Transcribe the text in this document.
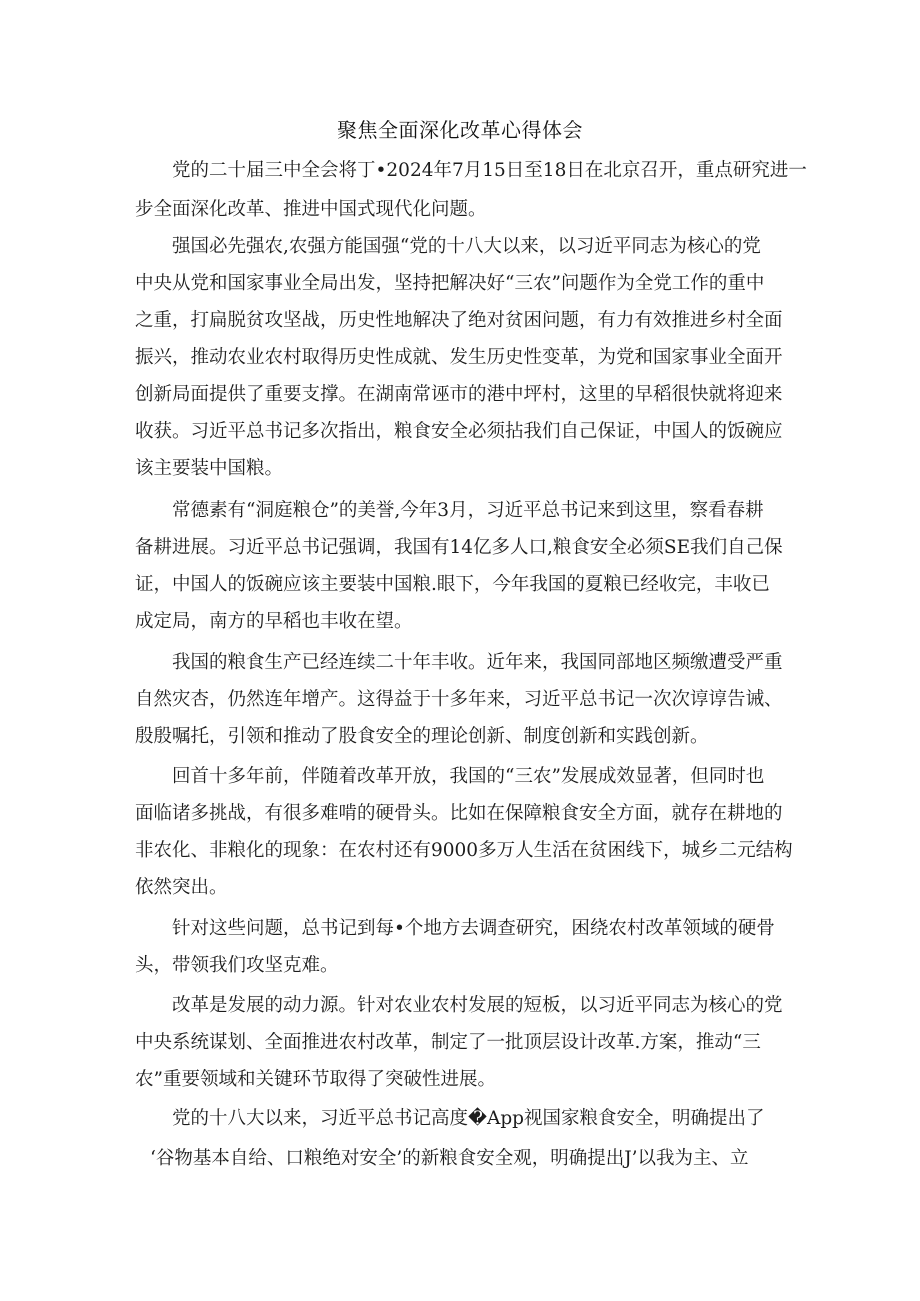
聚焦全面深化改革心得体会
党的二十届三中全会将丁•2024年7月15日至18日在北京召开，重点研究进一
步全面深化改革、推进中国式现代化问题。
强国必先强农,农强方能国强“党的十八大以来，以习近平同志为核心的党
中央从党和国家事业全局出发，坚持把解决好“三农”问题作为全党工作的重中
之重，打扁脱贫攻坚战，历史性地解决了绝对贫困问题，有力有效推进乡村全面
振兴，推动农业农村取得历史性成就、发生历史性变革，为党和国家事业全面开
创新局面提供了重要支撑。在湖南常诬市的港中坪村，这里的早稻很快就将迎来
收获。习近平总书记多次指出，粮食安全必须拈我们自己保证，中国人的饭碗应
该主要装中国粮。
常德素有“洞庭粮仓”的美誉,今年3月，习近平总书记来到这里，察看春耕
备耕进展。习近平总书记强调，我国有14亿多人口,粮食安全必须SE我们自己保
证，中国人的饭碗应该主要装中国粮.眼下，今年我国的夏粮已经收完，丰收已
成定局，南方的早稻也丰收在望。
我国的粮食生产已经连续二十年丰收。近年来，我国同部地区频缴遭受严重
自然灾杏，仍然连年增产。这得益于十多年来，习近平总书记一次次谆谆告诫、
殷殷嘱托，引领和推动了股食安全的理论创新、制度创新和实践创新。
回首十多年前，伴随着改革开放，我国的“三农”发展成效显著，但同时也
面临诸多挑战，有很多难啃的硬骨头。比如在保障粮食安全方面，就存在耕地的
非农化、非粮化的现象：在农村还有9000多万人生活在贫困线下，城乡二元结构
依然突出。
针对这些问题，总书记到每•个地方去调查研究，困绕农村改革领域的硬骨
头，带领我们攻坚克难。
改革是发展的动力源。针对农业农村发展的短板，以习近平同志为核心的党
中央系统谋划、全面推进农村改革，制定了一批顶层设计改革.方案，推动“三
农”重要领域和关键环节取得了突破性进展。
党的十八大以来，习近平总书记高度�App视国家粮食安全，明确提出了
‘谷物基本自给、口粮绝对安全’的新粮食安全观，明确提出J’以我为主、立
